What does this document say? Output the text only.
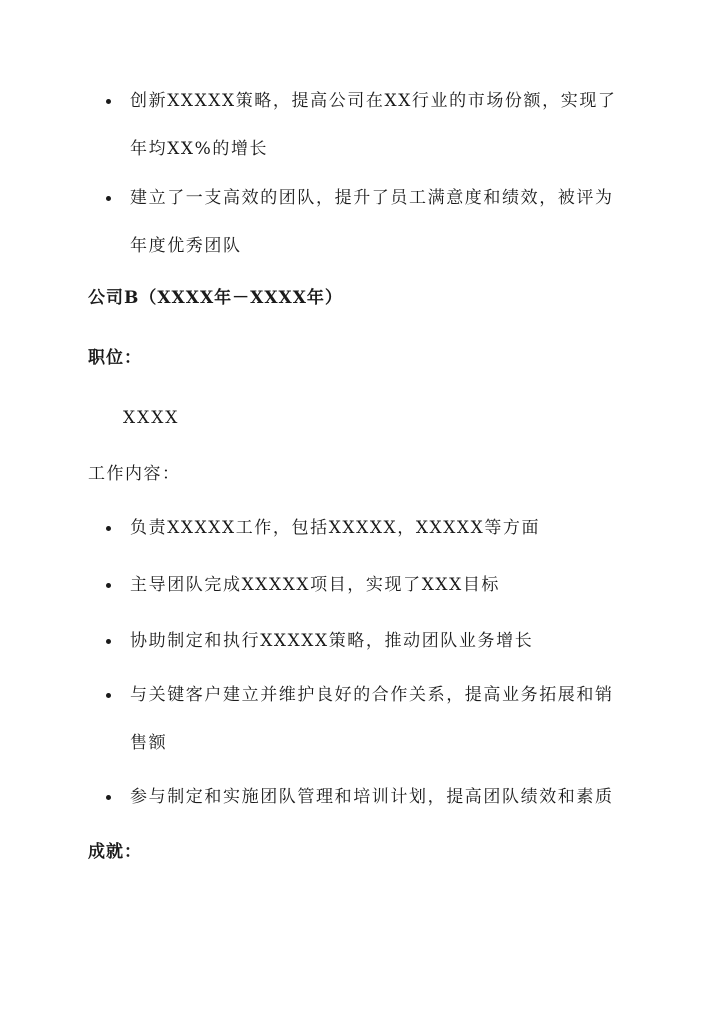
创新XXXXX策略，提高公司在XX行业的市场份额，实现了年均XX%的增长
建立了一支高效的团队，提升了员工满意度和绩效，被评为年度优秀团队
公司B（XXXX年－XXXX年）
职位：
XXXX
工作内容：
负责XXXXX工作，包括XXXXX，XXXXX等方面
主导团队完成XXXXX项目，实现了XXX目标
协助制定和执行XXXXX策略，推动团队业务增长
与关键客户建立并维护良好的合作关系，提高业务拓展和销售额
参与制定和实施团队管理和培训计划，提高团队绩效和素质
成就：
